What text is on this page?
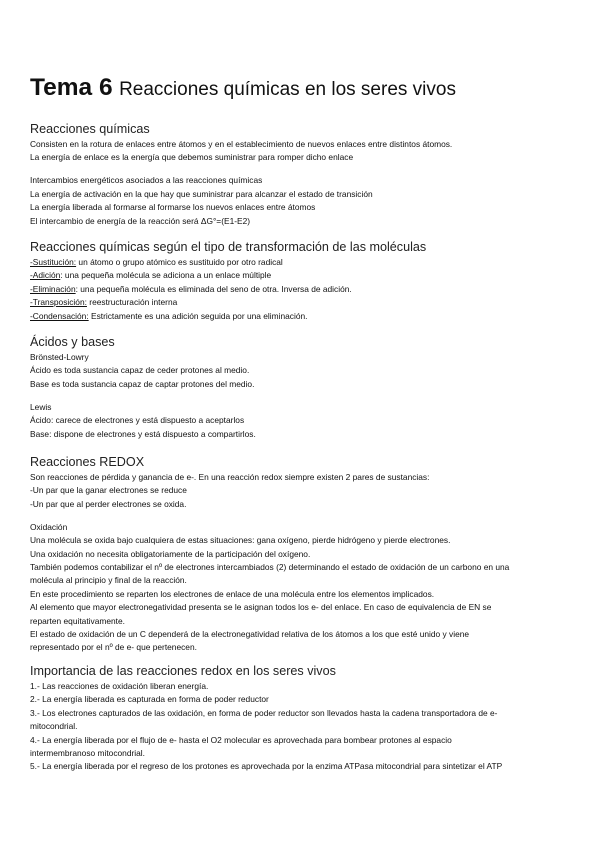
Tema 6 Reacciones químicas en los seres vivos
Reacciones químicas
Consisten en la rotura de enlaces entre átomos y en el establecimiento de nuevos enlaces entre distintos átomos.
La energía de enlace es la energía que debemos suministrar para romper dicho enlace
Intercambios energéticos asociados a las reacciones químicas
La energía de activación en la que hay que suministrar para alcanzar el estado de transición
La energía liberada al formarse al formarse los nuevos enlaces entre átomos
El intercambio de energía de la reacción será ΔG°=(E1-E2)
Reacciones químicas según el tipo de transformación de las moléculas
-Sustitución: un átomo o grupo atómico es sustituido por otro radical
-Adición: una pequeña molécula se adiciona a un enlace múltiple
-Eliminación: una pequeña molécula es eliminada del seno de otra. Inversa de adición.
-Transposición: reestructuración interna
-Condensación: Estrictamente es una adición seguida por una eliminación.
Ácidos y bases
Brönsted-Lowry
Ácido es toda sustancia capaz de ceder protones al medio.
Base es toda sustancia capaz de captar protones del medio.
Lewis
Ácido: carece de electrones y está dispuesto a aceptarlos
Base: dispone de electrones y está dispuesto a compartirlos.
Reacciones REDOX
Son reacciones de pérdida y ganancia de e-. En una reacción redox siempre existen 2 pares de sustancias:
-Un par que la ganar electrones se reduce
-Un par que al perder electrones se oxida.
Oxidación
Una molécula se oxida bajo cualquiera de estas situaciones: gana oxígeno, pierde hidrógeno y pierde electrones.
Una oxidación no necesita obligatoriamente de la participación del oxígeno.
También podemos contabilizar el nº de electrones intercambiados (2) determinando el estado de oxidación de un carbono en una
molécula al principio y final de la reacción.
En este procedimiento se reparten los electrones de enlace de una molécula entre los elementos implicados.
Al elemento que mayor electronegatividad presenta se le asignan todos los e- del enlace. En caso de equivalencia de EN se
reparten equitativamente.
El estado de oxidación de un C dependerá de la electronegatividad relativa de los átomos a los que esté unido y viene
representado por el nº de e- que pertenecen.
Importancia de las reacciones redox en los seres vivos
1.- Las reacciones de oxidación liberan energía.
2.- La energía liberada es capturada en forma de poder reductor
3.- Los electrones capturados de las oxidación, en forma de poder reductor son llevados hasta la cadena transportadora de e-
mitocondrial.
4.- La energía liberada por el flujo de e- hasta el O2 molecular es aprovechada para bombear protones al espacio
intermembranoso mitocondrial.
5.- La energía liberada por el regreso de los protones es aprovechada por la enzima ATPasa mitocondrial para sintetizar el ATP
